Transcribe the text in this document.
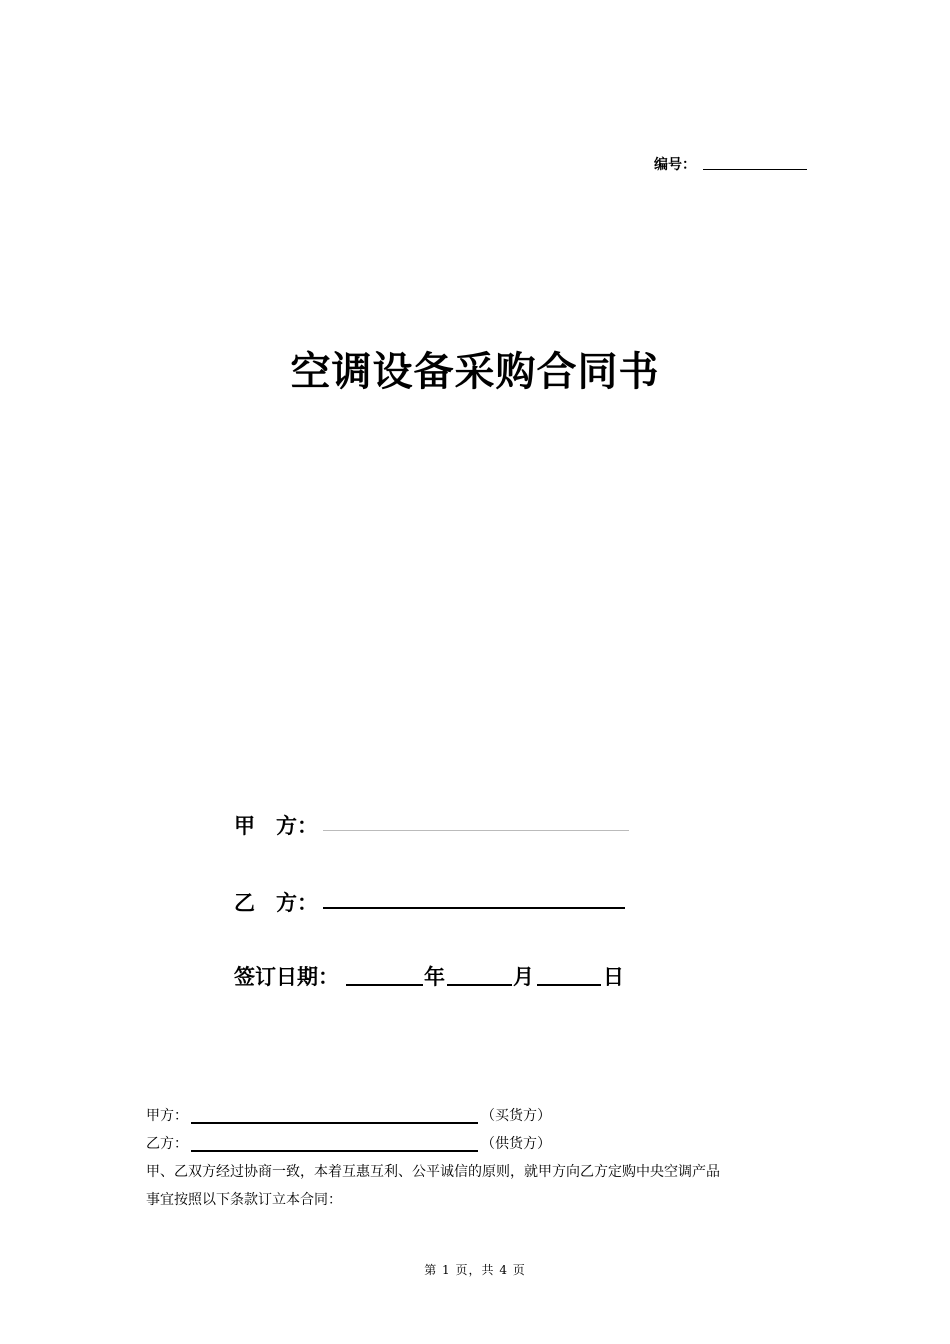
编号：
空调设备采购合同书
甲　方：
乙　方：
签订日期：	年	月	日
甲方：	（买货方）
乙方：	（供货方）
甲、乙双方经过协商一致，本着互惠互利、公平诚信的原则，就甲方向乙方定购中央空调产品
事宜按照以下条款订立本合同：
第 1 页，共 4 页
